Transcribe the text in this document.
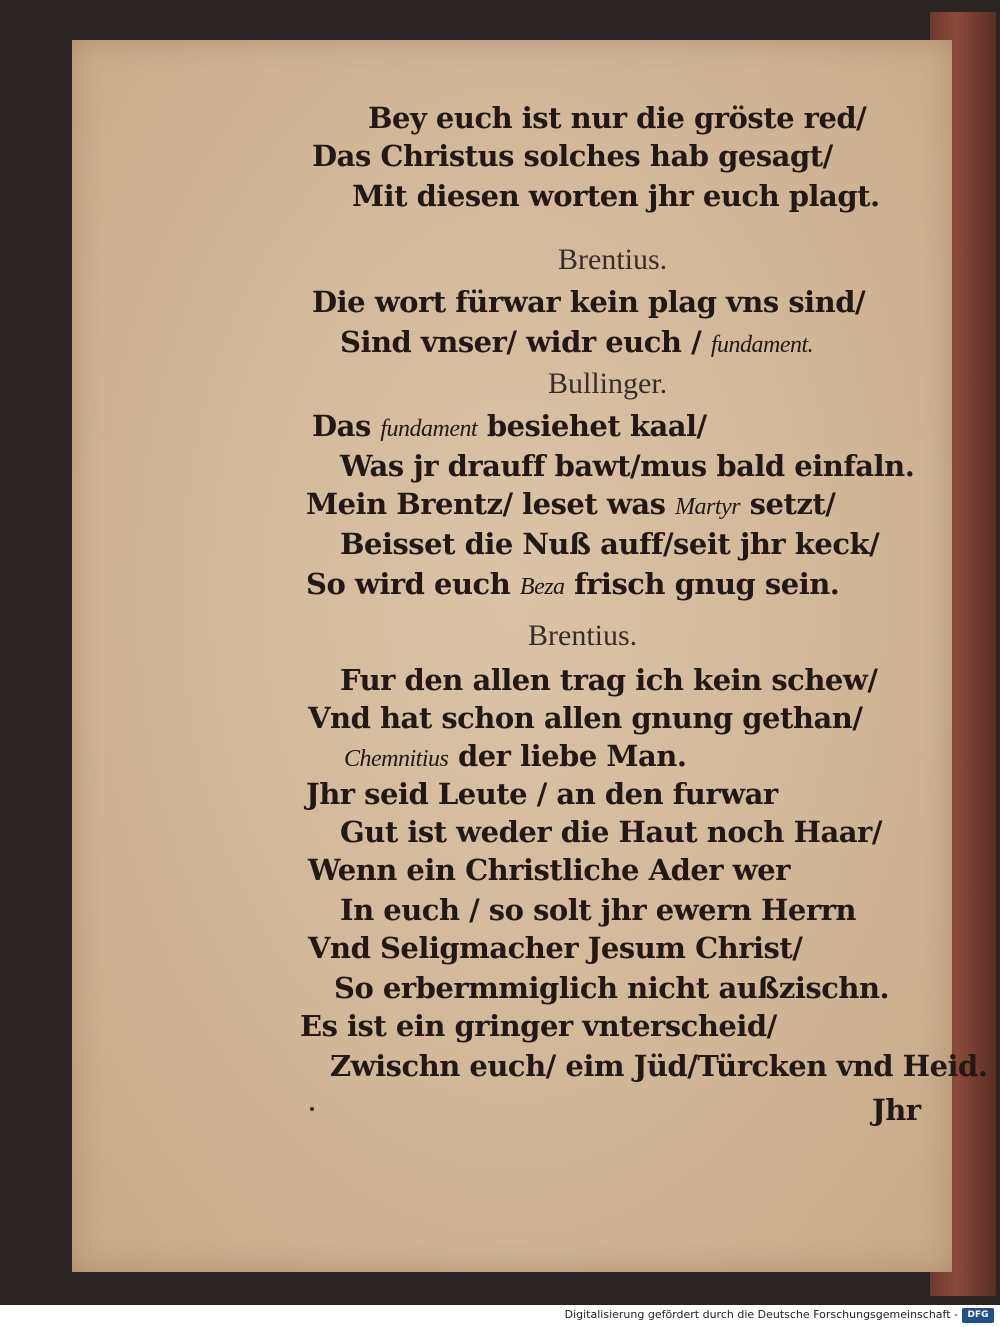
Bey euch ist nur die gröste red/
Das Christus solches hab gesagt/
Mit diesen worten jhr euch plagt.
Brentius.
Die wort fürwar kein plag vns sind/
Sind vnser/ widr euch / fundament.
Bullinger.
Das fundament besiehet kaal/
Was jr drauff bawt/mus bald einfaln.
Mein Brentz/ leset was Martyr setzt/
Beisset die Nuß auff/seit jhr keck/
So wird euch Beza frisch gnug sein.
Brentius.
Fur den allen trag ich kein schew/
Vnd hat schon allen gnung gethan/
Chemnitius der liebe Man.
Jhr seid Leute / an den furwar
Gut ist weder die Haut noch Haar/
Wenn ein Christliche Ader wer
In euch / so solt jhr ewern Herrn
Vnd Seligmacher Jesum Christ/
So erbermmiglich nicht außzischn.
Es ist ein gringer vnterscheid/
Zwischn euch/ eim Jüd/Türcken vnd Heid.
Jhr
Digitalisierung gefördert durch die Deutsche Forschungsgemeinschaft -	DFG
